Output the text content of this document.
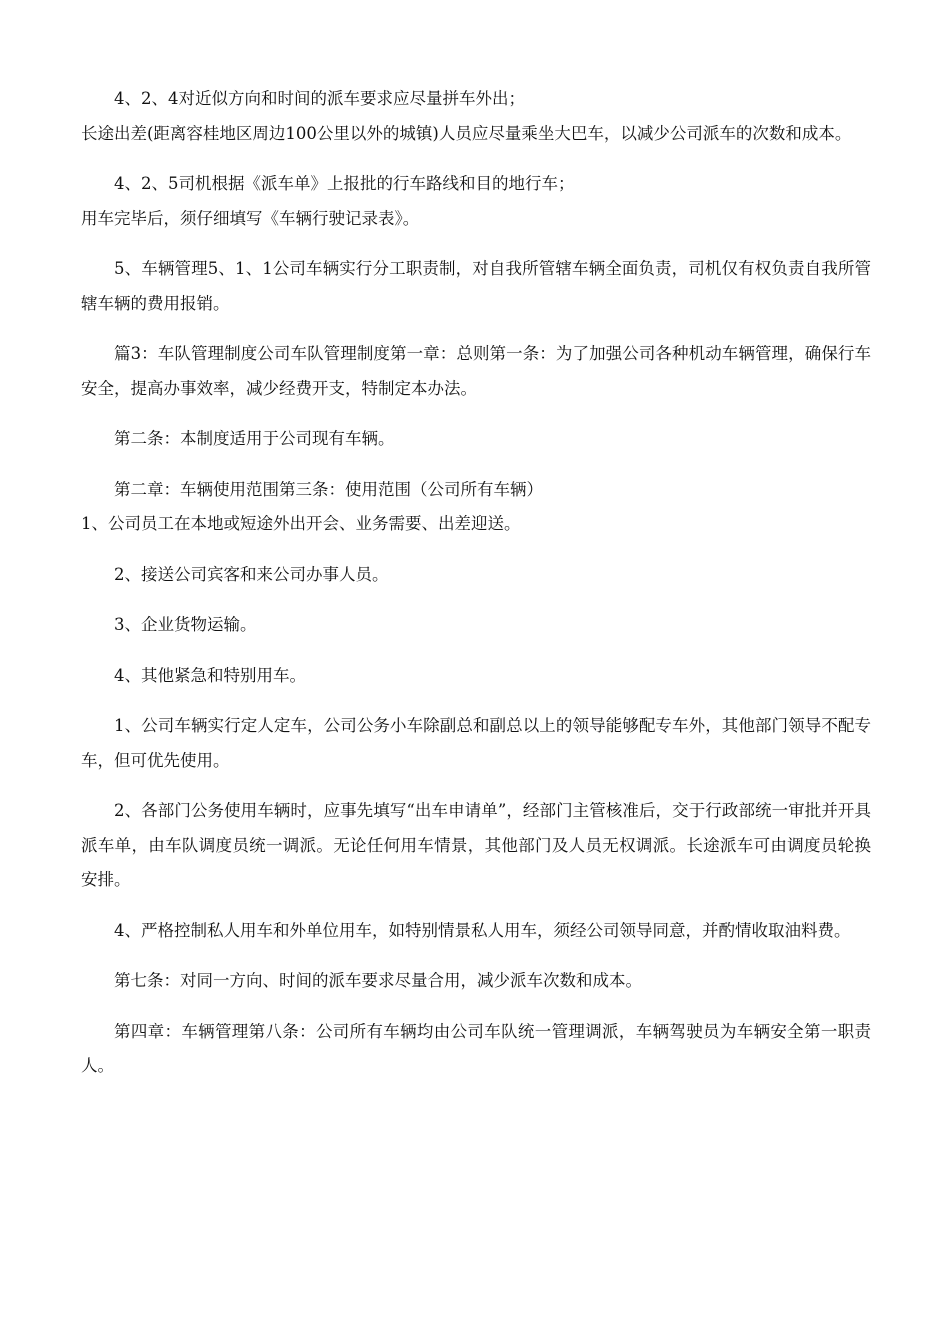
4、2、4对近似方向和时间的派车要求应尽量拼车外出；

长途出差(距离容桂地区周边100公里以外的城镇)人员应尽量乘坐大巴车，以减少公司派车的次数和成本。

4、2、5司机根据《派车单》上报批的行车路线和目的地行车；

用车完毕后，须仔细填写《车辆行驶记录表》。

5、车辆管理5、1、1公司车辆实行分工职责制，对自我所管辖车辆全面负责，司机仅有权负责自我所管辖车辆的费用报销。

篇3：车队管理制度公司车队管理制度第一章：总则第一条：为了加强公司各种机动车辆管理，确保行车安全，提高办事效率，减少经费开支，特制定本办法。

第二条：本制度适用于公司现有车辆。

第二章：车辆使用范围第三条：使用范围（公司所有车辆）

1、公司员工在本地或短途外出开会、业务需要、出差迎送。

2、接送公司宾客和来公司办事人员。

3、企业货物运输。

4、其他紧急和特别用车。

1、公司车辆实行定人定车，公司公务小车除副总和副总以上的领导能够配专车外，其他部门领导不配专车，但可优先使用。

2、各部门公务使用车辆时，应事先填写“出车申请单”，经部门主管核准后，交于行政部统一审批并开具派车单，由车队调度员统一调派。无论任何用车情景，其他部门及人员无权调派。长途派车可由调度员轮换安排。

4、严格控制私人用车和外单位用车，如特别情景私人用车，须经公司领导同意，并酌情收取油料费。

第七条：对同一方向、时间的派车要求尽量合用，减少派车次数和成本。

第四章：车辆管理第八条：公司所有车辆均由公司车队统一管理调派，车辆驾驶员为车辆安全第一职责人。
